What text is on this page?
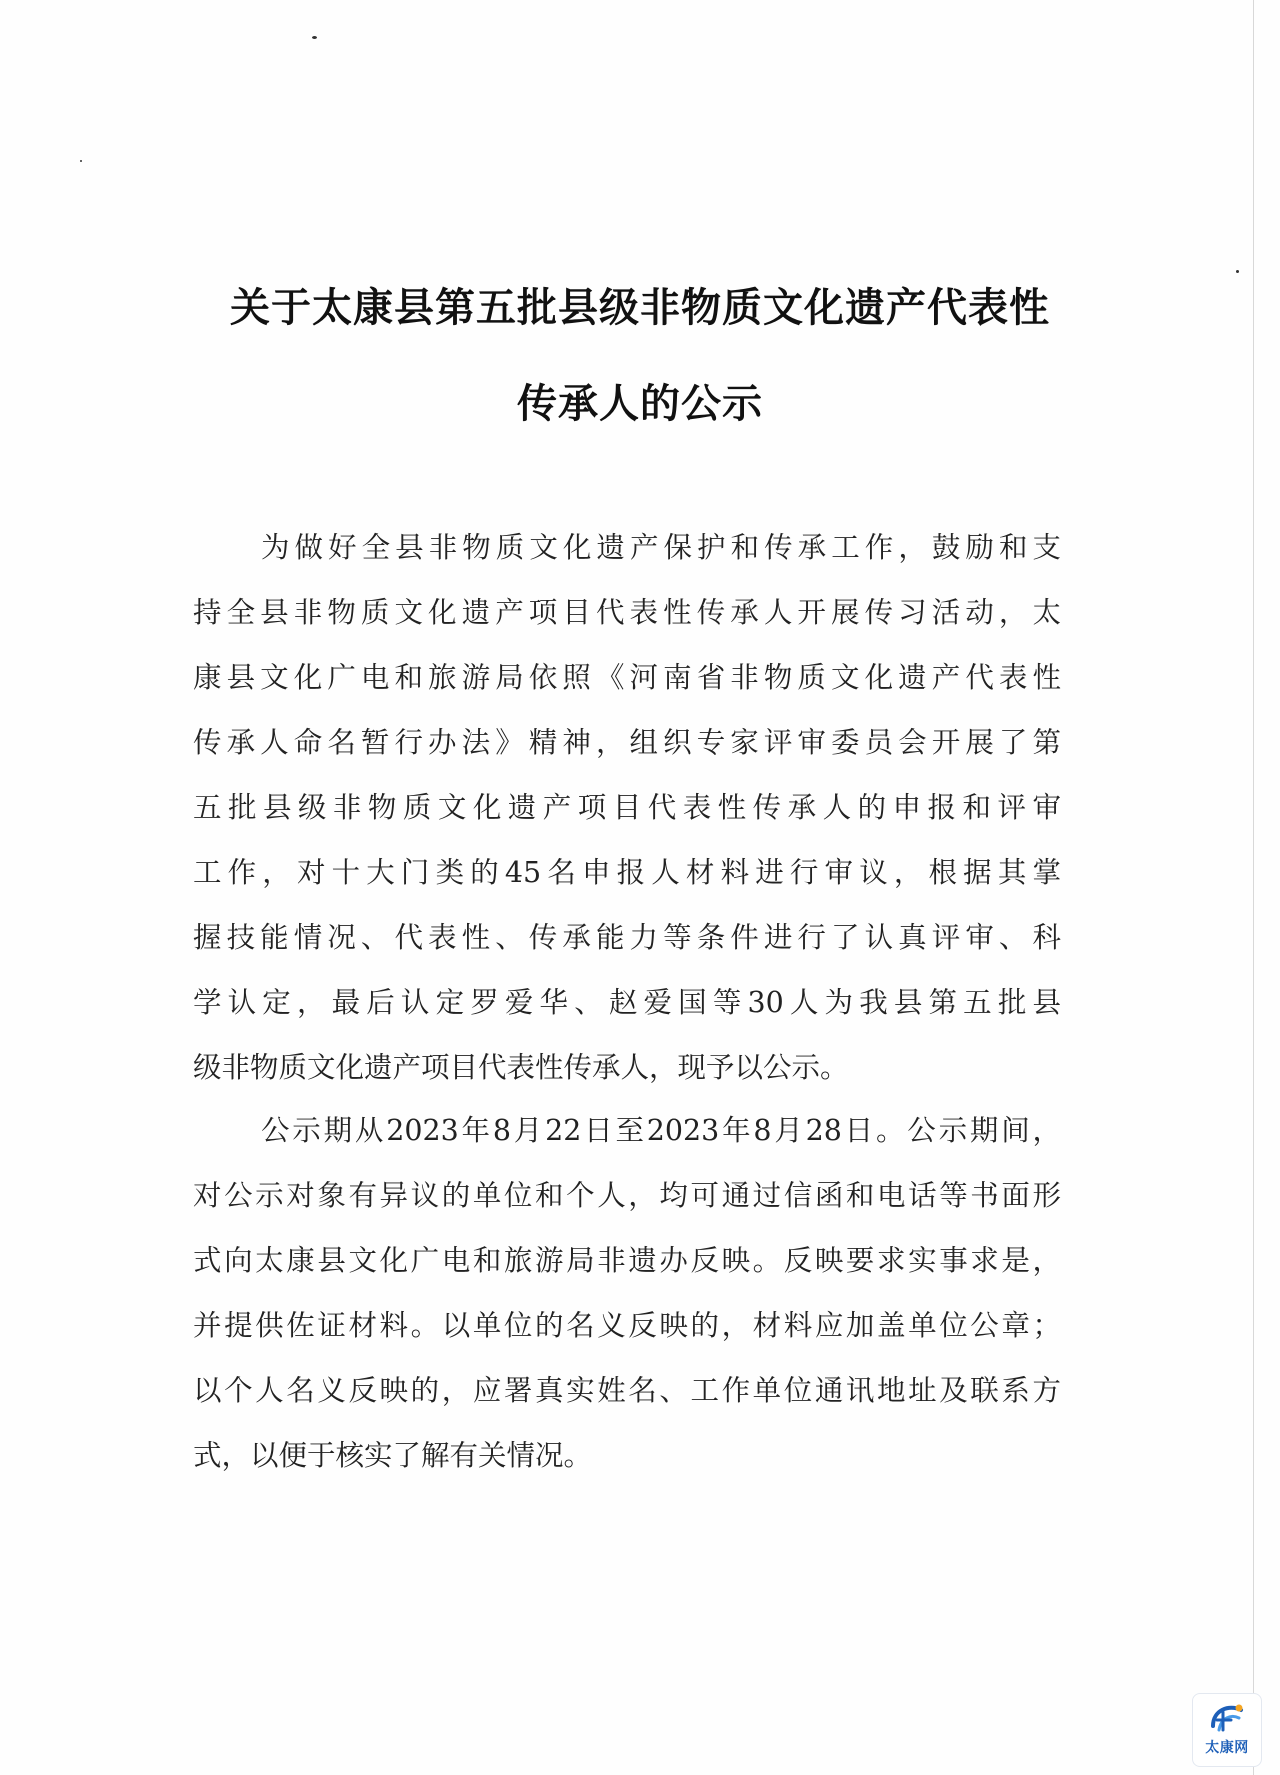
关于太康县第五批县级非物质文化遗产代表性
传承人的公示
为做好全县非物质文化遗产保护和传承工作，鼓励和支
持全县非物质文化遗产项目代表性传承人开展传习活动，太
康县文化广电和旅游局依照《河南省非物质文化遗产代表性
传承人命名暂行办法》精神，组织专家评审委员会开展了第
五批县级非物质文化遗产项目代表性传承人的申报和评审
工作，对十大门类的45名申报人材料进行审议，根据其掌
握技能情况、代表性、传承能力等条件进行了认真评审、科
学认定，最后认定罗爱华、赵爱国等30人为我县第五批县
级非物质文化遗产项目代表性传承人，现予以公示。
公示期从2023年8月22日至2023年8月28日。公示期间，
对公示对象有异议的单位和个人，均可通过信函和电话等书面形
式向太康县文化广电和旅游局非遗办反映。反映要求实事求是，
并提供佐证材料。以单位的名义反映的，材料应加盖单位公章；
以个人名义反映的，应署真实姓名、工作单位通讯地址及联系方
式，以便于核实了解有关情况。
太康网
